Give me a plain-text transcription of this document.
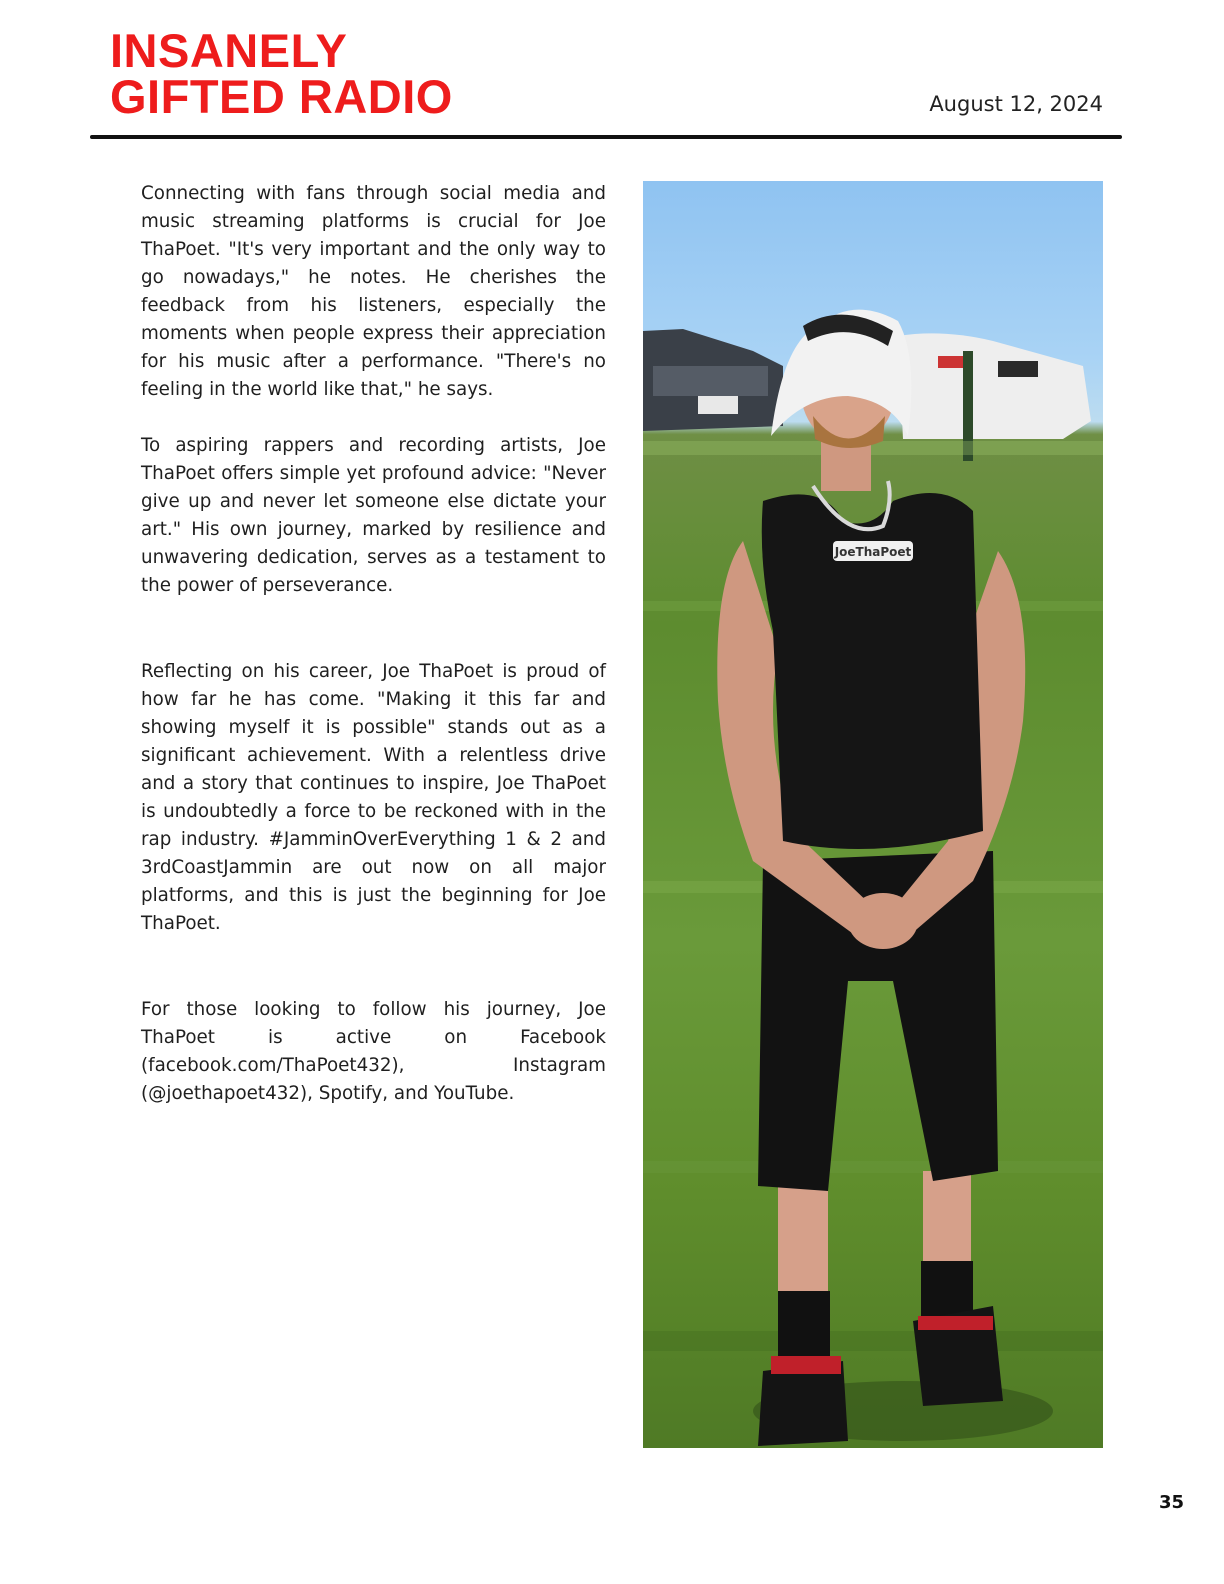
INSANELY
GIFTED RADIO	August 12, 2024

Connecting with fans through social media and music streaming platforms is crucial for Joe ThaPoet. "It's very important and the only way to go nowadays," he notes. He cherishes the feedback from his listeners, especially the moments when people express their appreciation for his music after a performance. "There's no feeling in the world like that," he says.

To aspiring rappers and recording artists, Joe ThaPoet offers simple yet profound advice: "Never give up and never let someone else dictate your art." His own journey, marked by resilience and unwavering dedication, serves as a testament to the power of perseverance.

Reflecting on his career, Joe ThaPoet is proud of how far he has come. "Making it this far and showing myself it is possible" stands out as a significant achievement. With a relentless drive and a story that continues to inspire, Joe ThaPoet is undoubtedly a force to be reckoned with in the rap industry. #JamminOverEverything 1 & 2 and 3rdCoastJammin are out now on all major platforms, and this is just the beginning for Joe ThaPoet.

For those looking to follow his journey, Joe ThaPoet is active on Facebook (facebook.com/ThaPoet432), Instagram (@joethapoet432), Spotify, and YouTube.

JoeThaPoet
35
